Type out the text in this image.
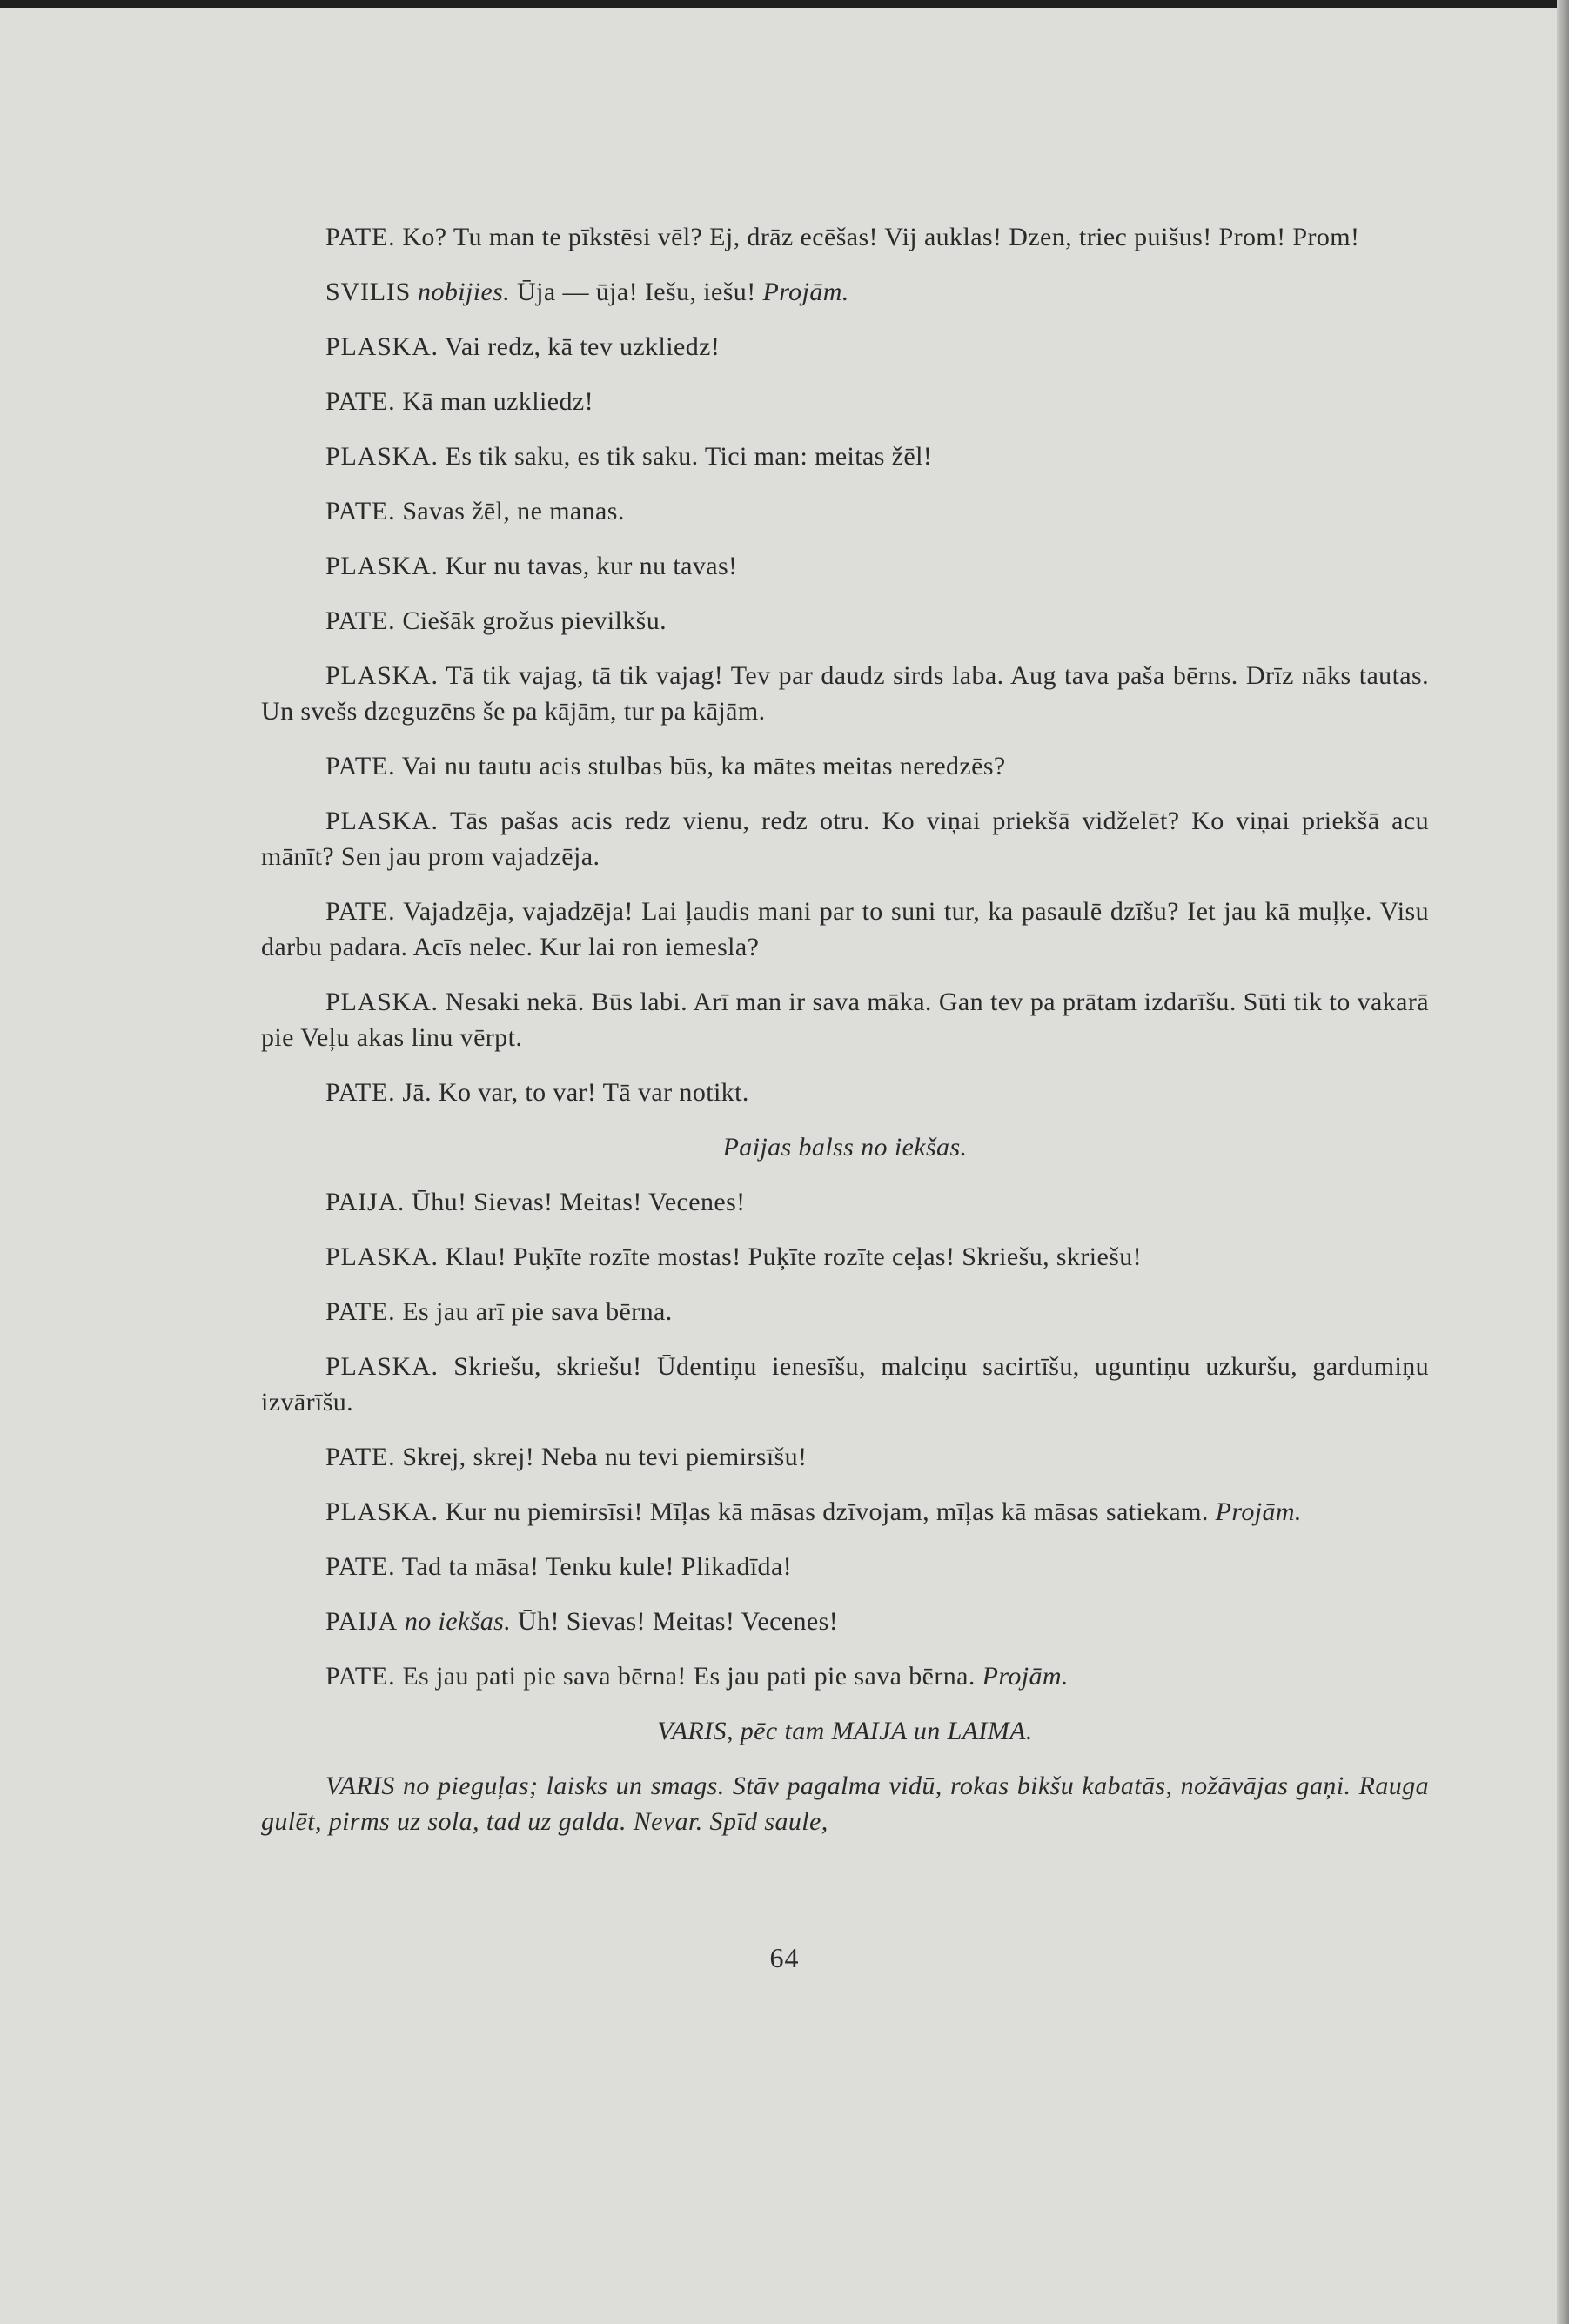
PATE. Ko? Tu man te pīkstēsi vēl? Ej, drāz ecēšas! Vij auklas! Dzen, triec puišus! Prom! Prom!

SVILIS nobijies. Ūja — ūja! Iešu, iešu! Projām.

PLASKA. Vai redz, kā tev uzkliedz!

PATE. Kā man uzkliedz!

PLASKA. Es tik saku, es tik saku. Tici man: meitas žēl!

PATE. Savas žēl, ne manas.

PLASKA. Kur nu tavas, kur nu tavas!

PATE. Ciešāk grožus pievilkšu.

PLASKA. Tā tik vajag, tā tik vajag! Tev par daudz sirds laba. Aug tava paša bērns. Drīz nāks tautas. Un svešs dzeguzēns še pa kājām, tur pa kājām.

PATE. Vai nu tautu acis stulbas būs, ka mātes meitas neredzēs?

PLASKA. Tās pašas acis redz vienu, redz otru. Ko viņai priekšā vidželēt? Ko viņai priekšā acu mānīt? Sen jau prom vajadzēja.

PATE. Vajadzēja, vajadzēja! Lai ļaudis mani par to suni tur, ka pasaulē dzīšu? Iet jau kā muļķe. Visu darbu padara. Acīs nelec. Kur lai ron iemesla?

PLASKA. Nesaki nekā. Būs labi. Arī man ir sava māka. Gan tev pa prātam izdarīšu. Sūti tik to vakarā pie Veļu akas linu vērpt.

PATE. Jā. Ko var, to var! Tā var notikt.

Paijas balss no iekšas.

PAIJA. Ūhu! Sievas! Meitas! Vecenes!

PLASKA. Klau! Puķīte rozīte mostas! Puķīte rozīte ceļas! Skriešu, skriešu!

PATE. Es jau arī pie sava bērna.

PLASKA. Skriešu, skriešu! Ūdentiņu ienesīšu, malciņu sacirtīšu, uguntiņu uzkuršu, gardumiņu izvārīšu.

PATE. Skrej, skrej! Neba nu tevi piemirsīšu!

PLASKA. Kur nu piemirsīsi! Mīļas kā māsas dzīvojam, mīļas kā māsas satiekam. Projām.

PATE. Tad ta māsa! Tenku kule! Plikadīda!

PAIJA no iekšas. Ūh! Sievas! Meitas! Vecenes!

PATE. Es jau pati pie sava bērna! Es jau pati pie sava bērna. Projām.

VARIS, pēc tam MAIJA un LAIMA.

VARIS no pieguļas; laisks un smags. Stāv pagalma vidū, rokas bikšu kabatās, nožāvājas gaņi. Rauga gulēt, pirms uz sola, tad uz galda. Nevar. Spīd saule,

64
